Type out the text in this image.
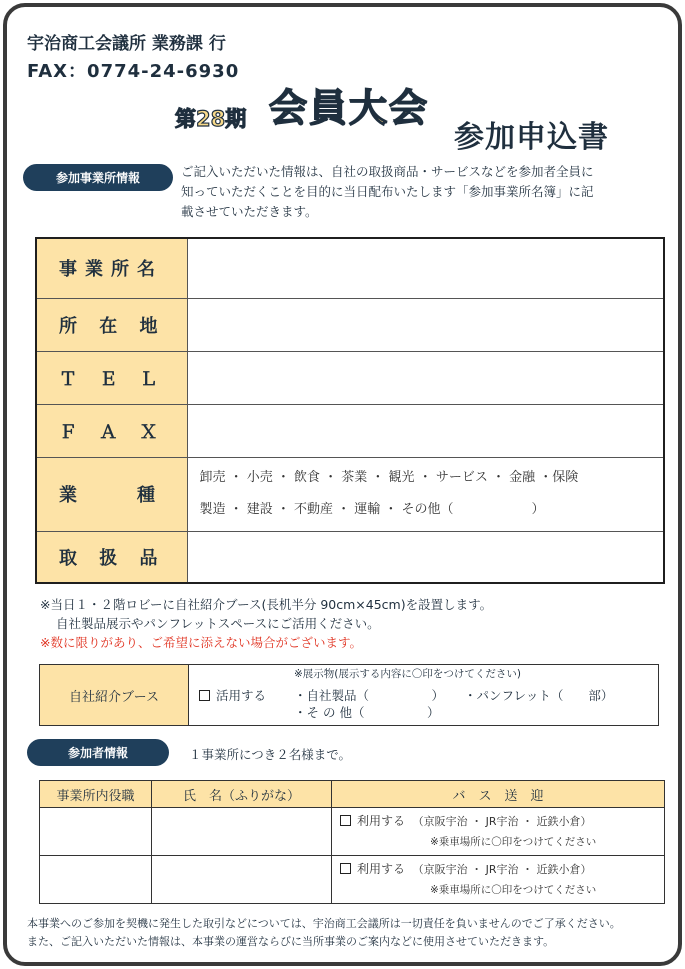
宇治商工会議所 業務課 行
FAX：0774-24-6930
第28期 会員大会
参加申込書
参加事業所情報	ご記入いただいた情報は、自社の取扱商品・サービスなどを参加者全員に
知っていただくことを目的に当日配布いたします「参加事業所名簿」に記
載させていただきます。
事業所名	
所 在 地	
Ｔ Ｅ Ｌ	
Ｆ Ａ Ｘ	
業　　種	卸売 ・ 小売 ・ 飲食 ・ 茶業 ・ 観光 ・ サービス ・ 金融 ・保険
製造 ・ 建設 ・ 不動産 ・ 運輸 ・ その他（　　　　　　）

取 扱 品	
※当日１・２階ロビーに自社紹介ブース(長机半分 90cm×45cm)を設置します。
自社製品展示やパンフレットスペースにご活用ください。
※数に限りがあり、ご希望に添えない場合がございます。
自社紹介ブース	
※展示物(展示する内容に〇印をつけてください)
活用する ・自社製品（　　　　　） ・パンフレット（　　部）
・そ の 他（　　　　　）
参加者情報	１事業所につき２名様まで。
事業所内役職	氏　名（ふりがな）	バ　ス　送　迎

		利用する （京阪宇治 ・ JR宇治 ・ 近鉄小倉）
※乗車場所に〇印をつけてください

		利用する （京阪宇治 ・ JR宇治 ・ 近鉄小倉）
※乗車場所に〇印をつけてください
本事業へのご参加を契機に発生した取引などについては、宇治商工会議所は一切責任を負いませんのでご了承ください。
また、ご記入いただいた情報は、本事業の運営ならびに当所事業のご案内などに使用させていただきます。
